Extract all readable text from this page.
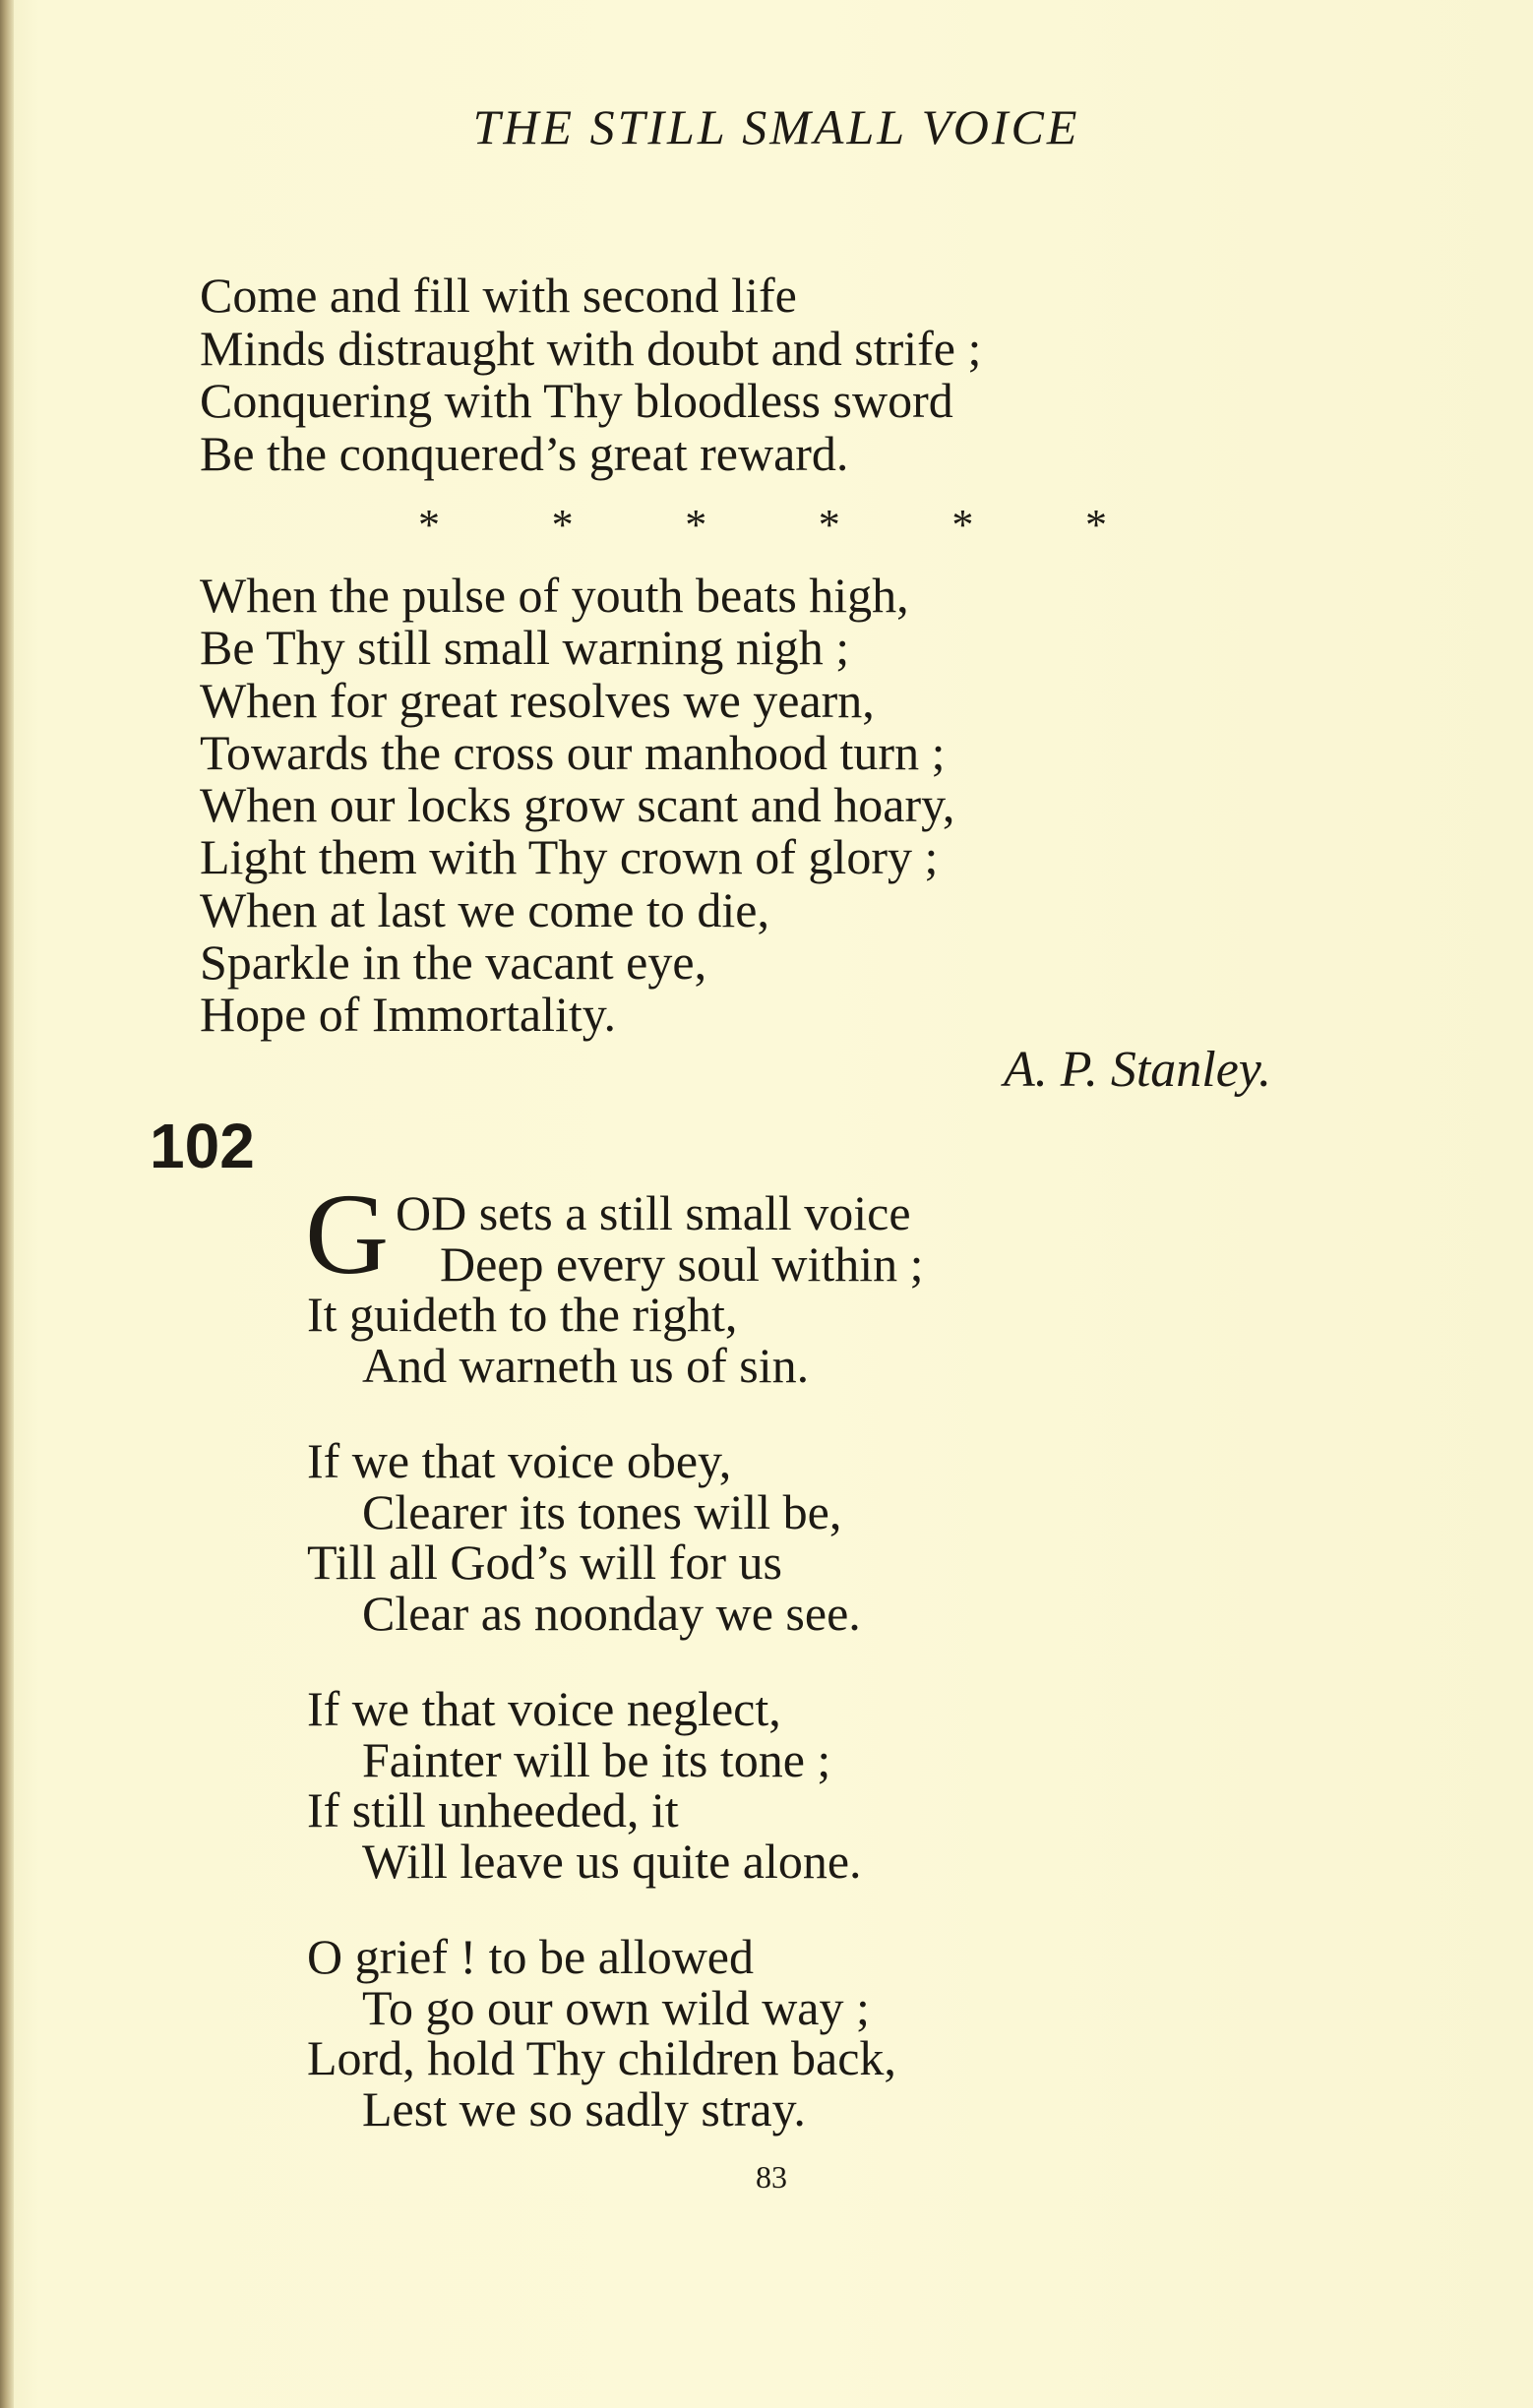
THE STILL SMALL VOICE
Come and fill with second life
Minds distraught with doubt and strife ;
Conquering with Thy bloodless sword
Be the conquered’s great reward.
*	*	*	*	*	*
When the pulse of youth beats high,
Be Thy still small warning nigh ;
When for great resolves we yearn,
Towards the cross our manhood turn ;
When our locks grow scant and hoary,
Light them with Thy crown of glory ;
When at last we come to die,
Sparkle in the vacant eye,
Hope of Immortality.
A. P. Stanley.
102
G OD sets a still small voice
Deep every soul within ;
It guideth to the right,
And warneth us of sin.
If we that voice obey,
Clearer its tones will be,
Till all God’s will for us
Clear as noonday we see.
If we that voice neglect,
Fainter will be its tone ;
If still unheeded, it
Will leave us quite alone.
O grief ! to be allowed
To go our own wild way ;
Lord, hold Thy children back,
Lest we so sadly stray.
83
